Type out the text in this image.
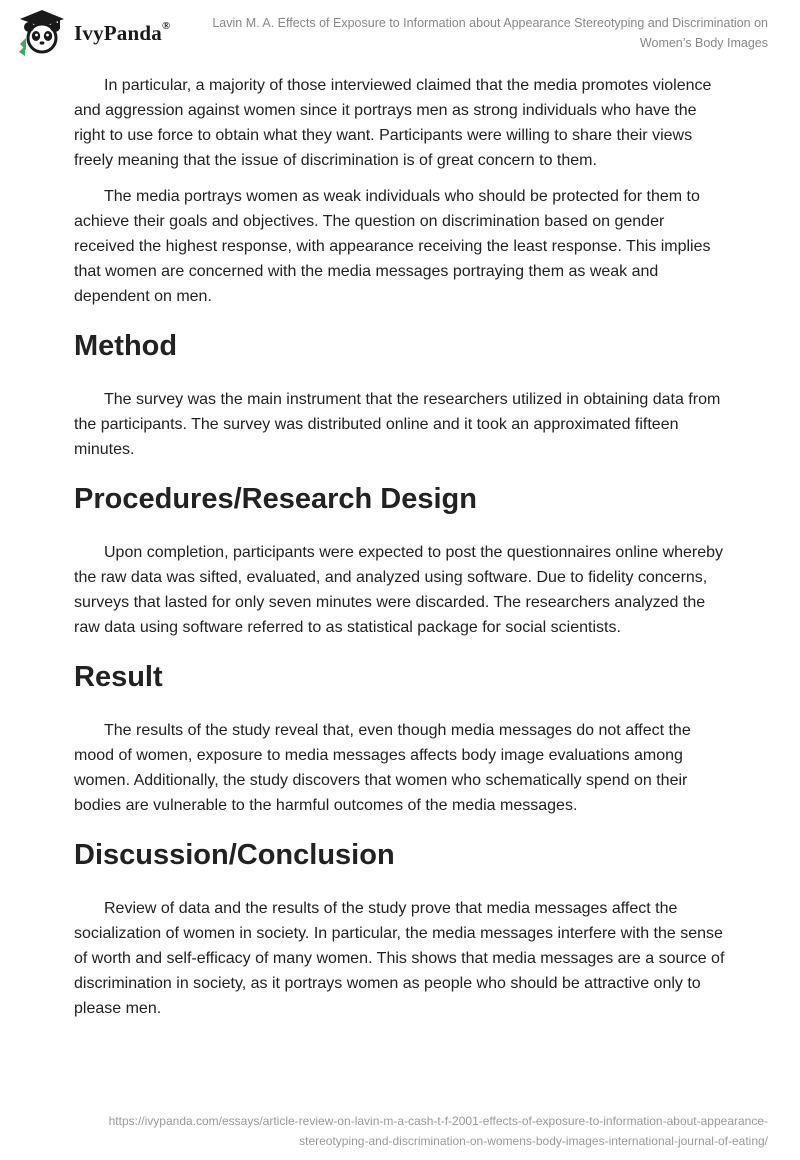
IvyPanda®	Lavin M. A. Effects of Exposure to Information about Appearance Stereotyping and Discrimination on
Women’s Body Images

In particular, a majority of those interviewed claimed that the media promotes violence and aggression against women since it portrays men as strong individuals who have the right to use force to obtain what they want. Participants were willing to share their views freely meaning that the issue of discrimination is of great concern to them.

The media portrays women as weak individuals who should be protected for them to achieve their goals and objectives. The question on discrimination based on gender received the highest response, with appearance receiving the least response. This implies that women are concerned with the media messages portraying them as weak and dependent on men.

Method

The survey was the main instrument that the researchers utilized in obtaining data from the participants. The survey was distributed online and it took an approximated fifteen minutes.

Procedures/Research Design

Upon completion, participants were expected to post the questionnaires online whereby the raw data was sifted, evaluated, and analyzed using software. Due to fidelity concerns, surveys that lasted for only seven minutes were discarded. The researchers analyzed the raw data using software referred to as statistical package for social scientists.

Result

The results of the study reveal that, even though media messages do not affect the mood of women, exposure to media messages affects body image evaluations among women. Additionally, the study discovers that women who schematically spend on their bodies are vulnerable to the harmful outcomes of the media messages.

Discussion/Conclusion

Review of data and the results of the study prove that media messages affect the socialization of women in society. In particular, the media messages interfere with the sense of worth and self-efficacy of many women. This shows that media messages are a source of discrimination in society, as it portrays women as people who should be attractive only to please men.

https://ivypanda.com/essays/article-review-on-lavin-m-a-cash-t-f-2001-effects-of-exposure-to-information-about-appearance-
stereotyping-and-discrimination-on-womens-body-images-international-journal-of-eating/
